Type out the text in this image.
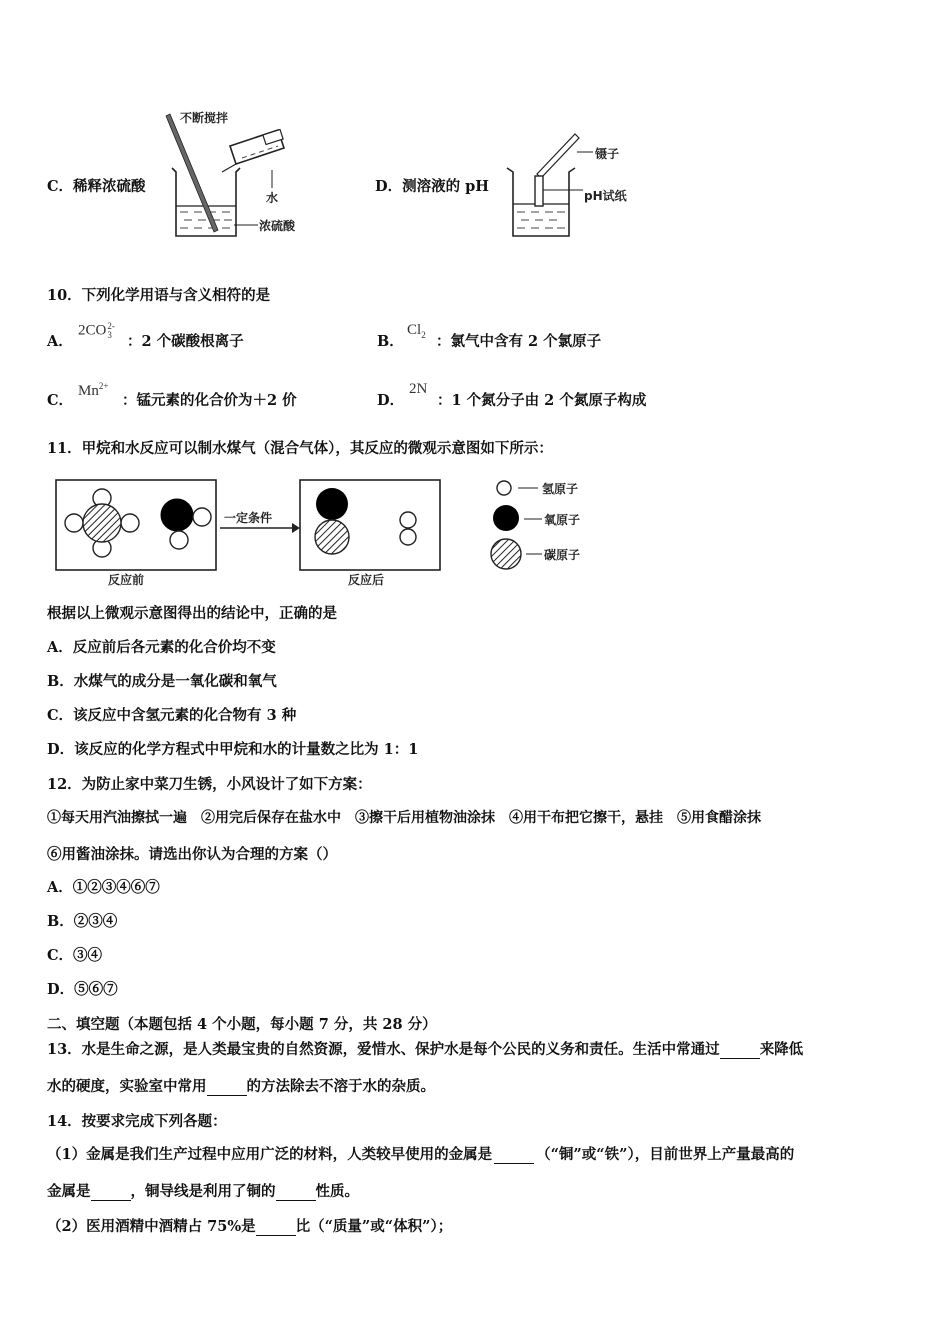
C．稀释浓硫酸
不断搅拌
水
浓硫酸
D．测溶液的 pH
镊子
pH试纸
10．下列化学用语与含义相符的是
A．
2CO2-
3 ：2 个碳酸根离子	B．
$Cl_2$ ：氯气中含有 2 个氯原子
C．
$Mn^{2+}$
：锰元素的化合价为＋2 价	D．
2N
：1 个氮分子由 2 个氮原子构成
11．甲烷和水反应可以制水煤气（混合气体），其反应的微观示意图如下所示：
反应前
一定条件
反应后
氢原子
氧原子
碳原子
根据以上微观示意图得出的结论中，正确的是
A．反应前后各元素的化合价均不变
B．水煤气的成分是一氧化碳和氧气
C．该反应中含氢元素的化合物有 3 种
D．该反应的化学方程式中甲烷和水的计量数之比为 1：1
12．为防止家中菜刀生锈，小风设计了如下方案：
①每天用汽油擦拭一遍　②用完后保存在盐水中　③擦干后用植物油涂抹　④用干布把它擦干，悬挂　⑤用食醋涂抹
⑥用酱油涂抹。请选出你认为合理的方案（）
A．①②③④⑥⑦
B．②③④
C．③④
D．⑤⑥⑦
二、填空题（本题包括 4 个小题，每小题 7 分，共 28 分）
13．水是生命之源，是人类最宝贵的自然资源，爱惜水、保护水是每个公民的义务和责任。生活中常通过	来降低
水的硬度，实验室中常用	的方法除去不溶于水的杂质。
14．按要求完成下列各题：
（1）金属是我们生产过程中应用广泛的材料，人类较早使用的金属是	（“铜”或“铁”），目前世界上产量最高的
金属是	，铜导线是利用了铜的	性质。
（2）医用酒精中酒精占 75%是	比（“质量”或“体积”）；
